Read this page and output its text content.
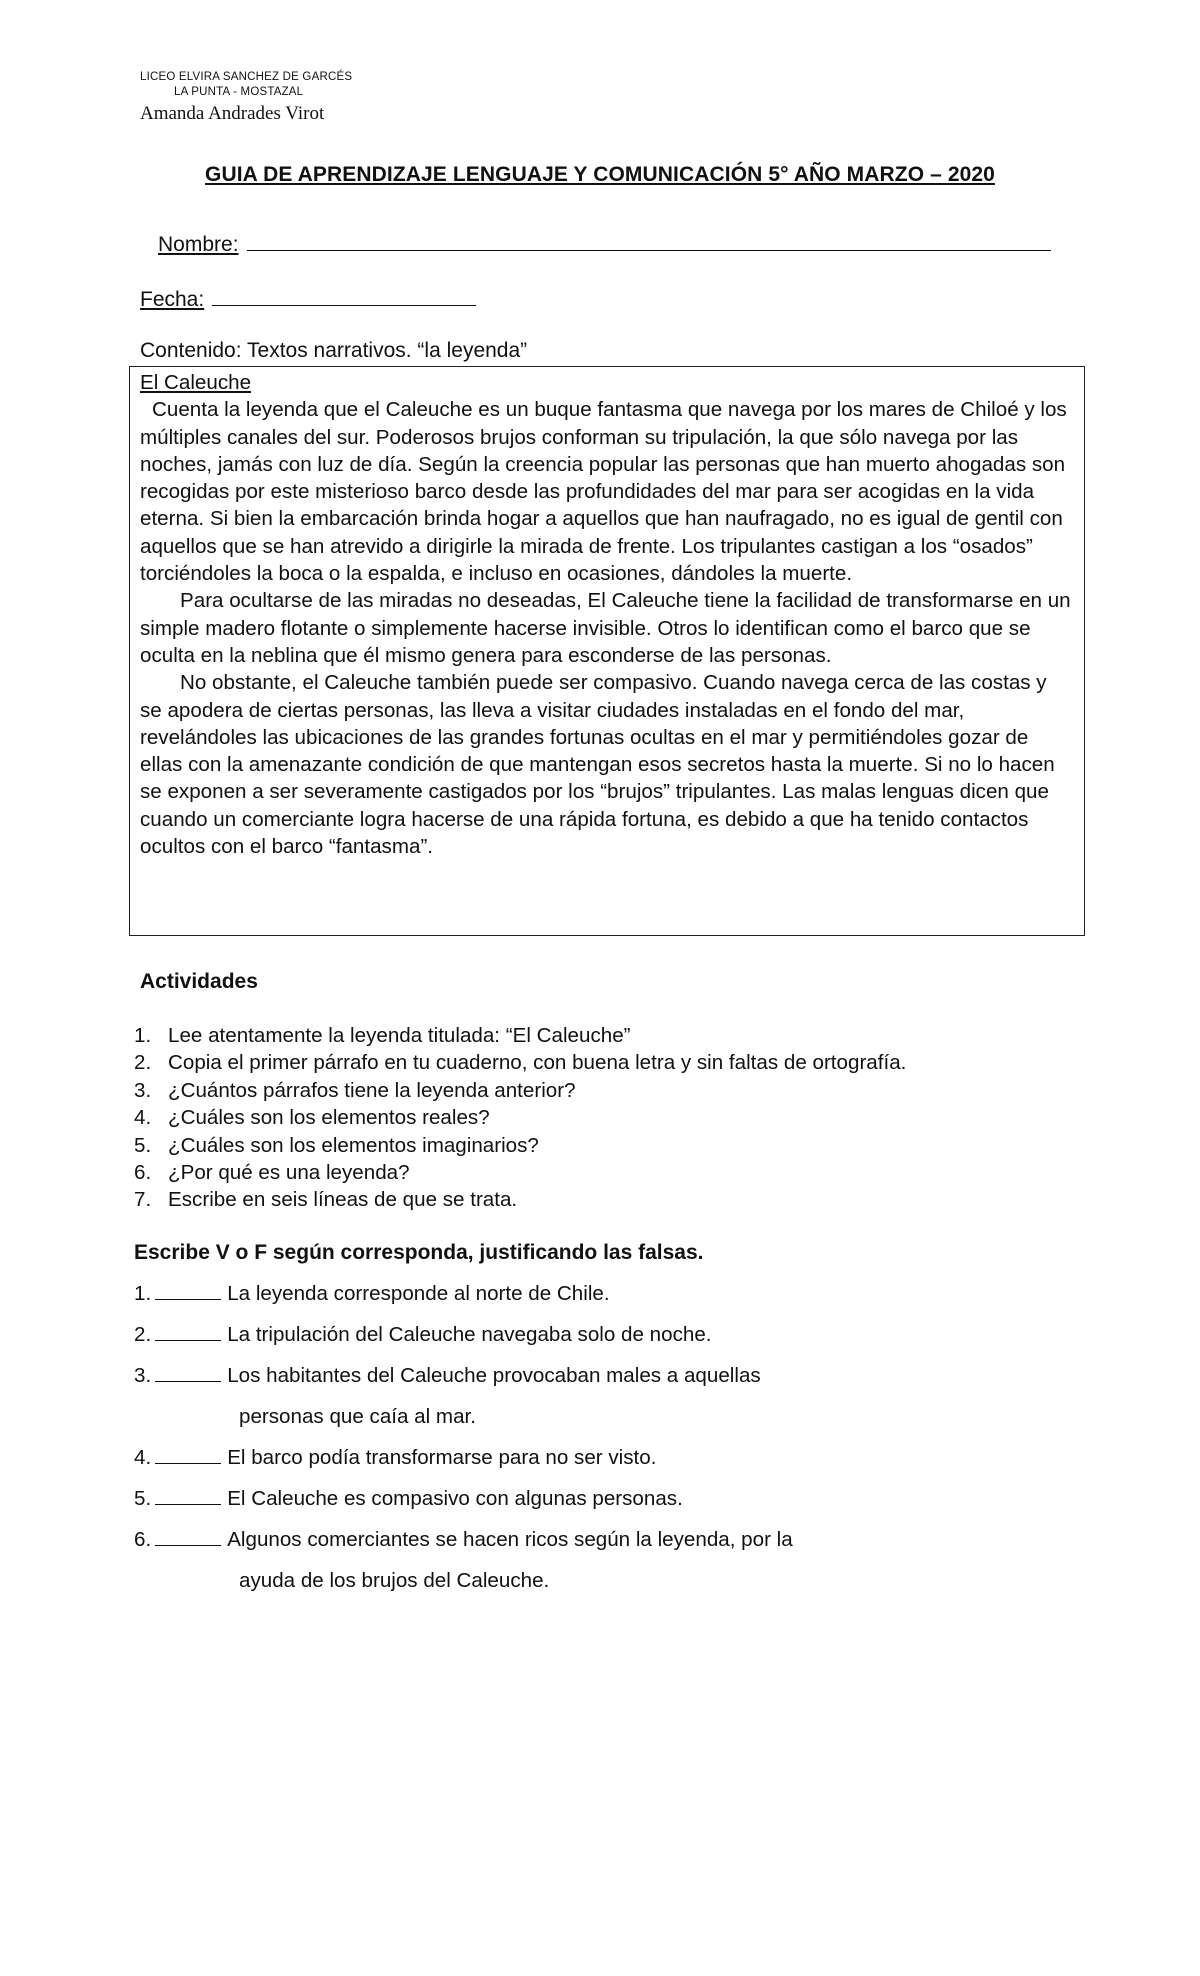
LICEO ELVIRA SANCHEZ DE GARCÉS
LA PUNTA - MOSTAZAL
Amanda Andrades Virot
GUIA DE APRENDIZAJE LENGUAJE Y COMUNICACIÓN 5° AÑO MARZO – 2020
Nombre:
Fecha:
Contenido: Textos narrativos. “la leyenda”
El Caleuche

Cuenta la leyenda que el Caleuche es un buque fantasma que navega por los mares de Chiloé y los múltiples canales del sur. Poderosos brujos conforman su tripulación, la que sólo navega por las noches, jamás con luz de día. Según la creencia popular las personas que han muerto ahogadas son recogidas por este misterioso barco desde las profundidades del mar para ser acogidas en la vida eterna. Si bien la embarcación brinda hogar a aquellos que han naufragado, no es igual de gentil con aquellos que se han atrevido a dirigirle la mirada de frente. Los tripulantes castigan a los “osados” torciéndoles la boca o la espalda, e incluso en ocasiones, dándoles la muerte.

Para ocultarse de las miradas no deseadas, El Caleuche tiene la facilidad de transformarse en un simple madero flotante o simplemente hacerse invisible. Otros lo identifican como el barco que se oculta en la neblina que él mismo genera para esconderse de las personas.

No obstante, el Caleuche también puede ser compasivo. Cuando navega cerca de las costas y se apodera de ciertas personas, las lleva a visitar ciudades instaladas en el fondo del mar, revelándoles las ubicaciones de las grandes fortunas ocultas en el mar y permitiéndoles gozar de ellas con la amenazante condición de que mantengan esos secretos hasta la muerte. Si no lo hacen se exponen a ser severamente castigados por los “brujos” tripulantes. Las malas lenguas dicen que cuando un comerciante logra hacerse de una rápida fortuna, es debido a que ha tenido contactos ocultos con el barco “fantasma”.

Actividades
1. Lee atentamente la leyenda titulada: “El Caleuche”
2. Copia el primer párrafo en tu cuaderno, con buena letra y sin faltas de ortografía.
3. ¿Cuántos párrafos tiene la leyenda anterior?
4. ¿Cuáles son los elementos reales?
5. ¿Cuáles son los elementos imaginarios?
6. ¿Por qué es una leyenda?
7. Escribe en seis líneas de que se trata.
Escribe V o F según corresponda, justificando las falsas.
1.	La leyenda corresponde al norte de Chile.
2.	La tripulación del Caleuche navegaba solo de noche.
3.	Los habitantes del Caleuche provocaban males a aquellas
personas que caía al mar.
4.	El barco podía transformarse para no ser visto.
5.	El Caleuche es compasivo con algunas personas.
6.	Algunos comerciantes se hacen ricos según la leyenda, por la
ayuda de los brujos del Caleuche.
